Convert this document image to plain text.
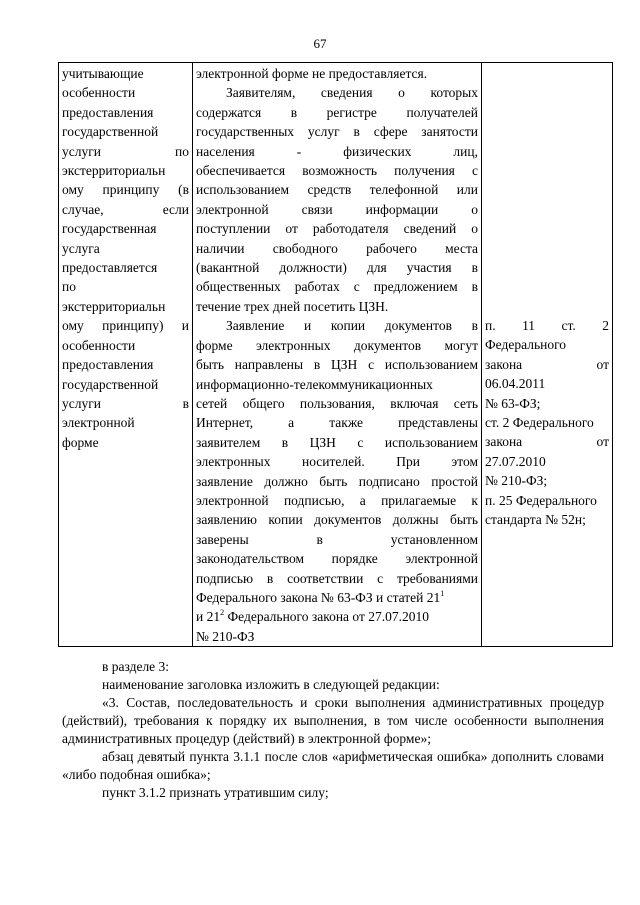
67
учитывающие
особенности
предоставления
государственной
услуги по
экстерриториальн
ому принципу (в
случае, если
государственная
услуга
предоставляется
по
экстерриториальн
ому принципу) и
особенности
предоставления
государственной
услуги в
электронной
форме

электронной форме не предоставляется.
Заявителям, сведения о которых
содержатся в регистре получателей
государственных услуг в сфере занятости
населения - физических лиц,
обеспечивается возможность получения с
использованием средств телефонной или
электронной связи информации о
поступлении от работодателя сведений о
наличии свободного рабочего места
(вакантной должности) для участия в
общественных работах с предложением в
течение трех дней посетить ЦЗН.
Заявление и копии документов в
форме электронных документов могут
быть направлены в ЦЗН с использованием
информационно-телекоммуникационных
сетей общего пользования, включая сеть
Интернет, а также представлены
заявителем в ЦЗН с использованием
электронных носителей. При этом
заявление должно быть подписано простой
электронной подписью, а прилагаемые к
заявлению копии документов должны быть
заверены в установленном
законодательством порядке электронной
подписью в соответствии с требованиями
Федерального закона № 63-ФЗ и статей $21^1$
и $21^2$ Федерального закона от 27.07.2010
№ 210-ФЗ

п. 11 ст. 2
Федерального
закона от
06.04.2011
№ 63-ФЗ;
ст. 2 Федерального
закона от
27.07.2010
№ 210-ФЗ;
п. 25 Федерального
стандарта № 52н;
в разделе 3:
наименование заголовка изложить в следующей редакции:
«3. Состав, последовательность и сроки выполнения административных процедур (действий), требования к порядку их выполнения, в том числе особенности выполнения административных процедур (действий) в электронной форме»;
абзац девятый пункта 3.1.1 после слов «арифметическая ошибка» дополнить словами «либо подобная ошибка»;
пункт 3.1.2 признать утратившим силу;
